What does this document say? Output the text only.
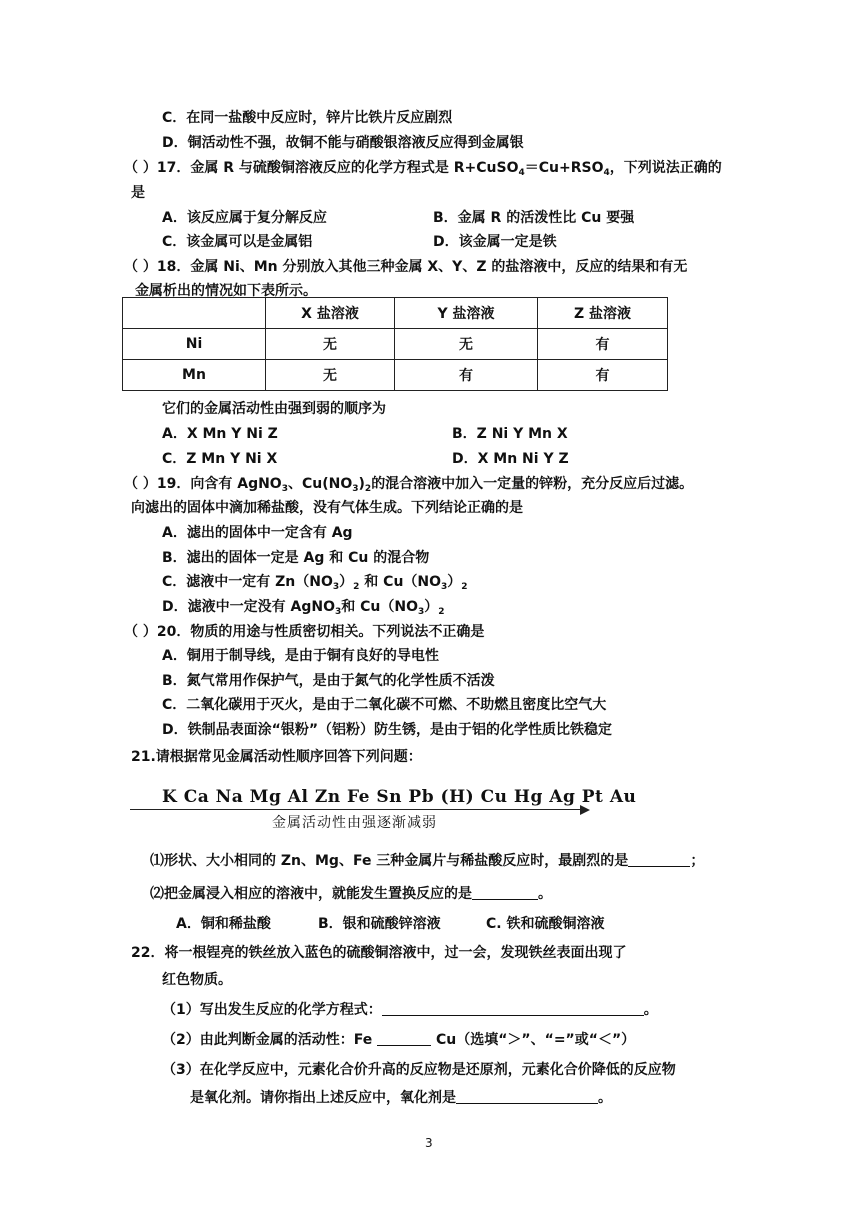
C．在同一盐酸中反应时，锌片比铁片反应剧烈
D．铜活动性不强，故铜不能与硝酸银溶液反应得到金属银
（ ）17．金属 R 与硫酸铜溶液反应的化学方程式是 $R+CuSO_4=Cu+RSO_4$，下列说法正确的
是
A．该反应属于复分解反应	B．金属 R 的活泼性比 Cu 要强
C．该金属可以是金属铝	D．该金属一定是铁
（ ）18．金属 Ni、Mn 分别放入其他三种金属 X、Y、Z 的盐溶液中，反应的结果和有无
金属析出的情况如下表所示。
	X 盐溶液	Y 盐溶液	Z 盐溶液
Ni	无	无	有
Mn	无	有	有
它们的金属活动性由强到弱的顺序为
A．X Mn Y Ni Z	B．Z Ni Y Mn X
C．Z Mn Y Ni X	D．X Mn Ni Y Z
（ ）19．向含有 AgNO$_3$、$Cu(NO_3)_2$的混合溶液中加入一定量的锌粉，充分反应后过滤。
向滤出的固体中滴加稀盐酸，没有气体生成。下列结论正确的是
A．滤出的固体中一定含有 Ag
B．滤出的固体一定是 Ag 和 Cu 的混合物
C．滤液中一定有 $Zn(NO_3)_2$ 和 $Cu(NO_3)_2$
D．滤液中一定没有 AgNO$_3$和 $Cu(NO_3)_2$
（ ）20．物质的用途与性质密切相关。下列说法不正确是
A．铜用于制导线，是由于铜有良好的导电性
B．氮气常用作保护气，是由于氮气的化学性质不活泼
C．二氧化碳用于灭火，是由于二氧化碳不可燃、不助燃且密度比空气大
D．铁制品表面涂“银粉”（铝粉）防生锈，是由于铝的化学性质比铁稳定
21.请根据常见金属活动性顺序回答下列问题：
K Ca Na Mg Al Zn Fe Sn Pb (H) Cu Hg Ag Pt Au
金属活动性由强逐渐减弱
⑴形状、大小相同的 Zn、Mg、Fe 三种金属片与稀盐酸反应时，最剧烈的是	；
⑵把金属浸入相应的溶液中，就能发生置换反应的是	。
A．铜和稀盐酸	B．银和硫酸锌溶液	C. 铁和硫酸铜溶液
22．将一根锃亮的铁丝放入蓝色的硫酸铜溶液中，过一会，发现铁丝表面出现了
红色物质。
（1）写出发生反应的化学方程式：	。
（2）由此判断金属的活动性：Fe	Cu（选填“＞”、“=”或“＜”）
（3）在化学反应中，元素化合价升高的反应物是还原剂，元素化合价降低的反应物
是氧化剂。请你指出上述反应中，氧化剂是	。
3
